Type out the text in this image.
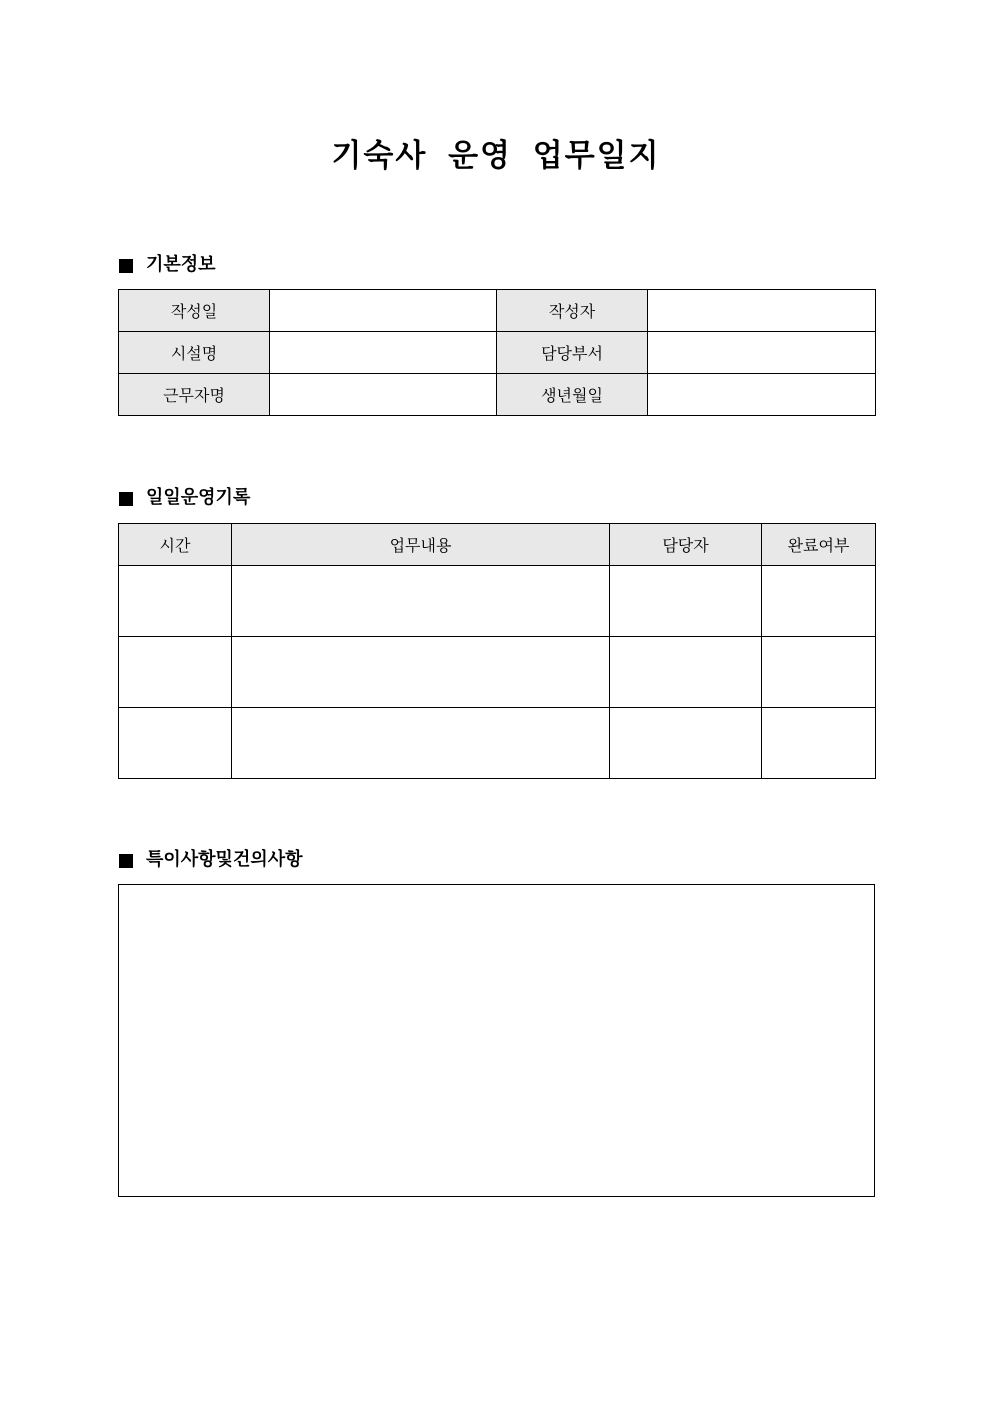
기숙사 운영 업무일지
기본정보
작성일		작성자	
시설명		담당부서	
근무자명		생년월일	
일일운영기록
시간	업무내용	담당자	완료여부

특이사항및건의사항
